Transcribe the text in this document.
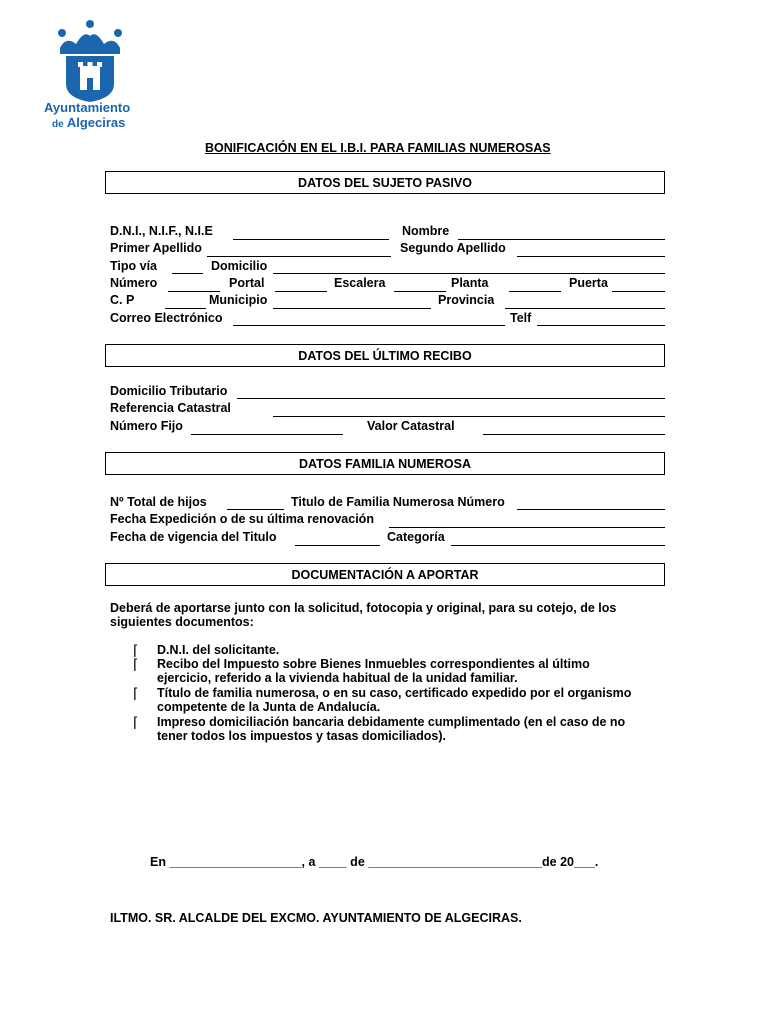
Ayuntamiento
de Algeciras
BONIFICACIÓN EN EL I.B.I. PARA FAMILIAS NUMEROSAS
DATOS DEL SUJETO PASIVO
D.N.I., N.I.F., N.I.E	Nombre
Primer Apellido	Segundo Apellido
Tipo vía	Domicilio
Número	Portal	Escalera	Planta	Puerta
C. P	Municipio	Provincia
Correo Electrónico	Telf
DATOS DEL ÚLTIMO RECIBO
Domicilio Tributario
Referencia Catastral
Número Fijo	Valor Catastral
DATOS FAMILIA NUMEROSA
Nº Total de hijos	Titulo de Familia Numerosa Número
Fecha Expedición o de su última renovación
Fecha de vigencia del Titulo	Categoría
DOCUMENTACIÓN A APORTAR
Deberá de aportarse junto con la solicitud, fotocopia y original, para su cotejo, de los
siguientes documentos:
⌈ D.N.I. del solicitante.
⌈ Recibo del Impuesto sobre Bienes Inmuebles correspondientes al último
ejercicio, referido a la vivienda habitual de la unidad familiar.
⌈ Título de familia numerosa, o en su caso, certificado expedido por el organismo
competente de la Junta de Andalucía.
⌈ Impreso domiciliación bancaria debidamente cumplimentado (en el caso de no
tener todos los impuestos y tasas domiciliados).
En ___________________, a ____ de _________________________de 20___.
ILTMO. SR. ALCALDE DEL EXCMO. AYUNTAMIENTO DE ALGECIRAS.
